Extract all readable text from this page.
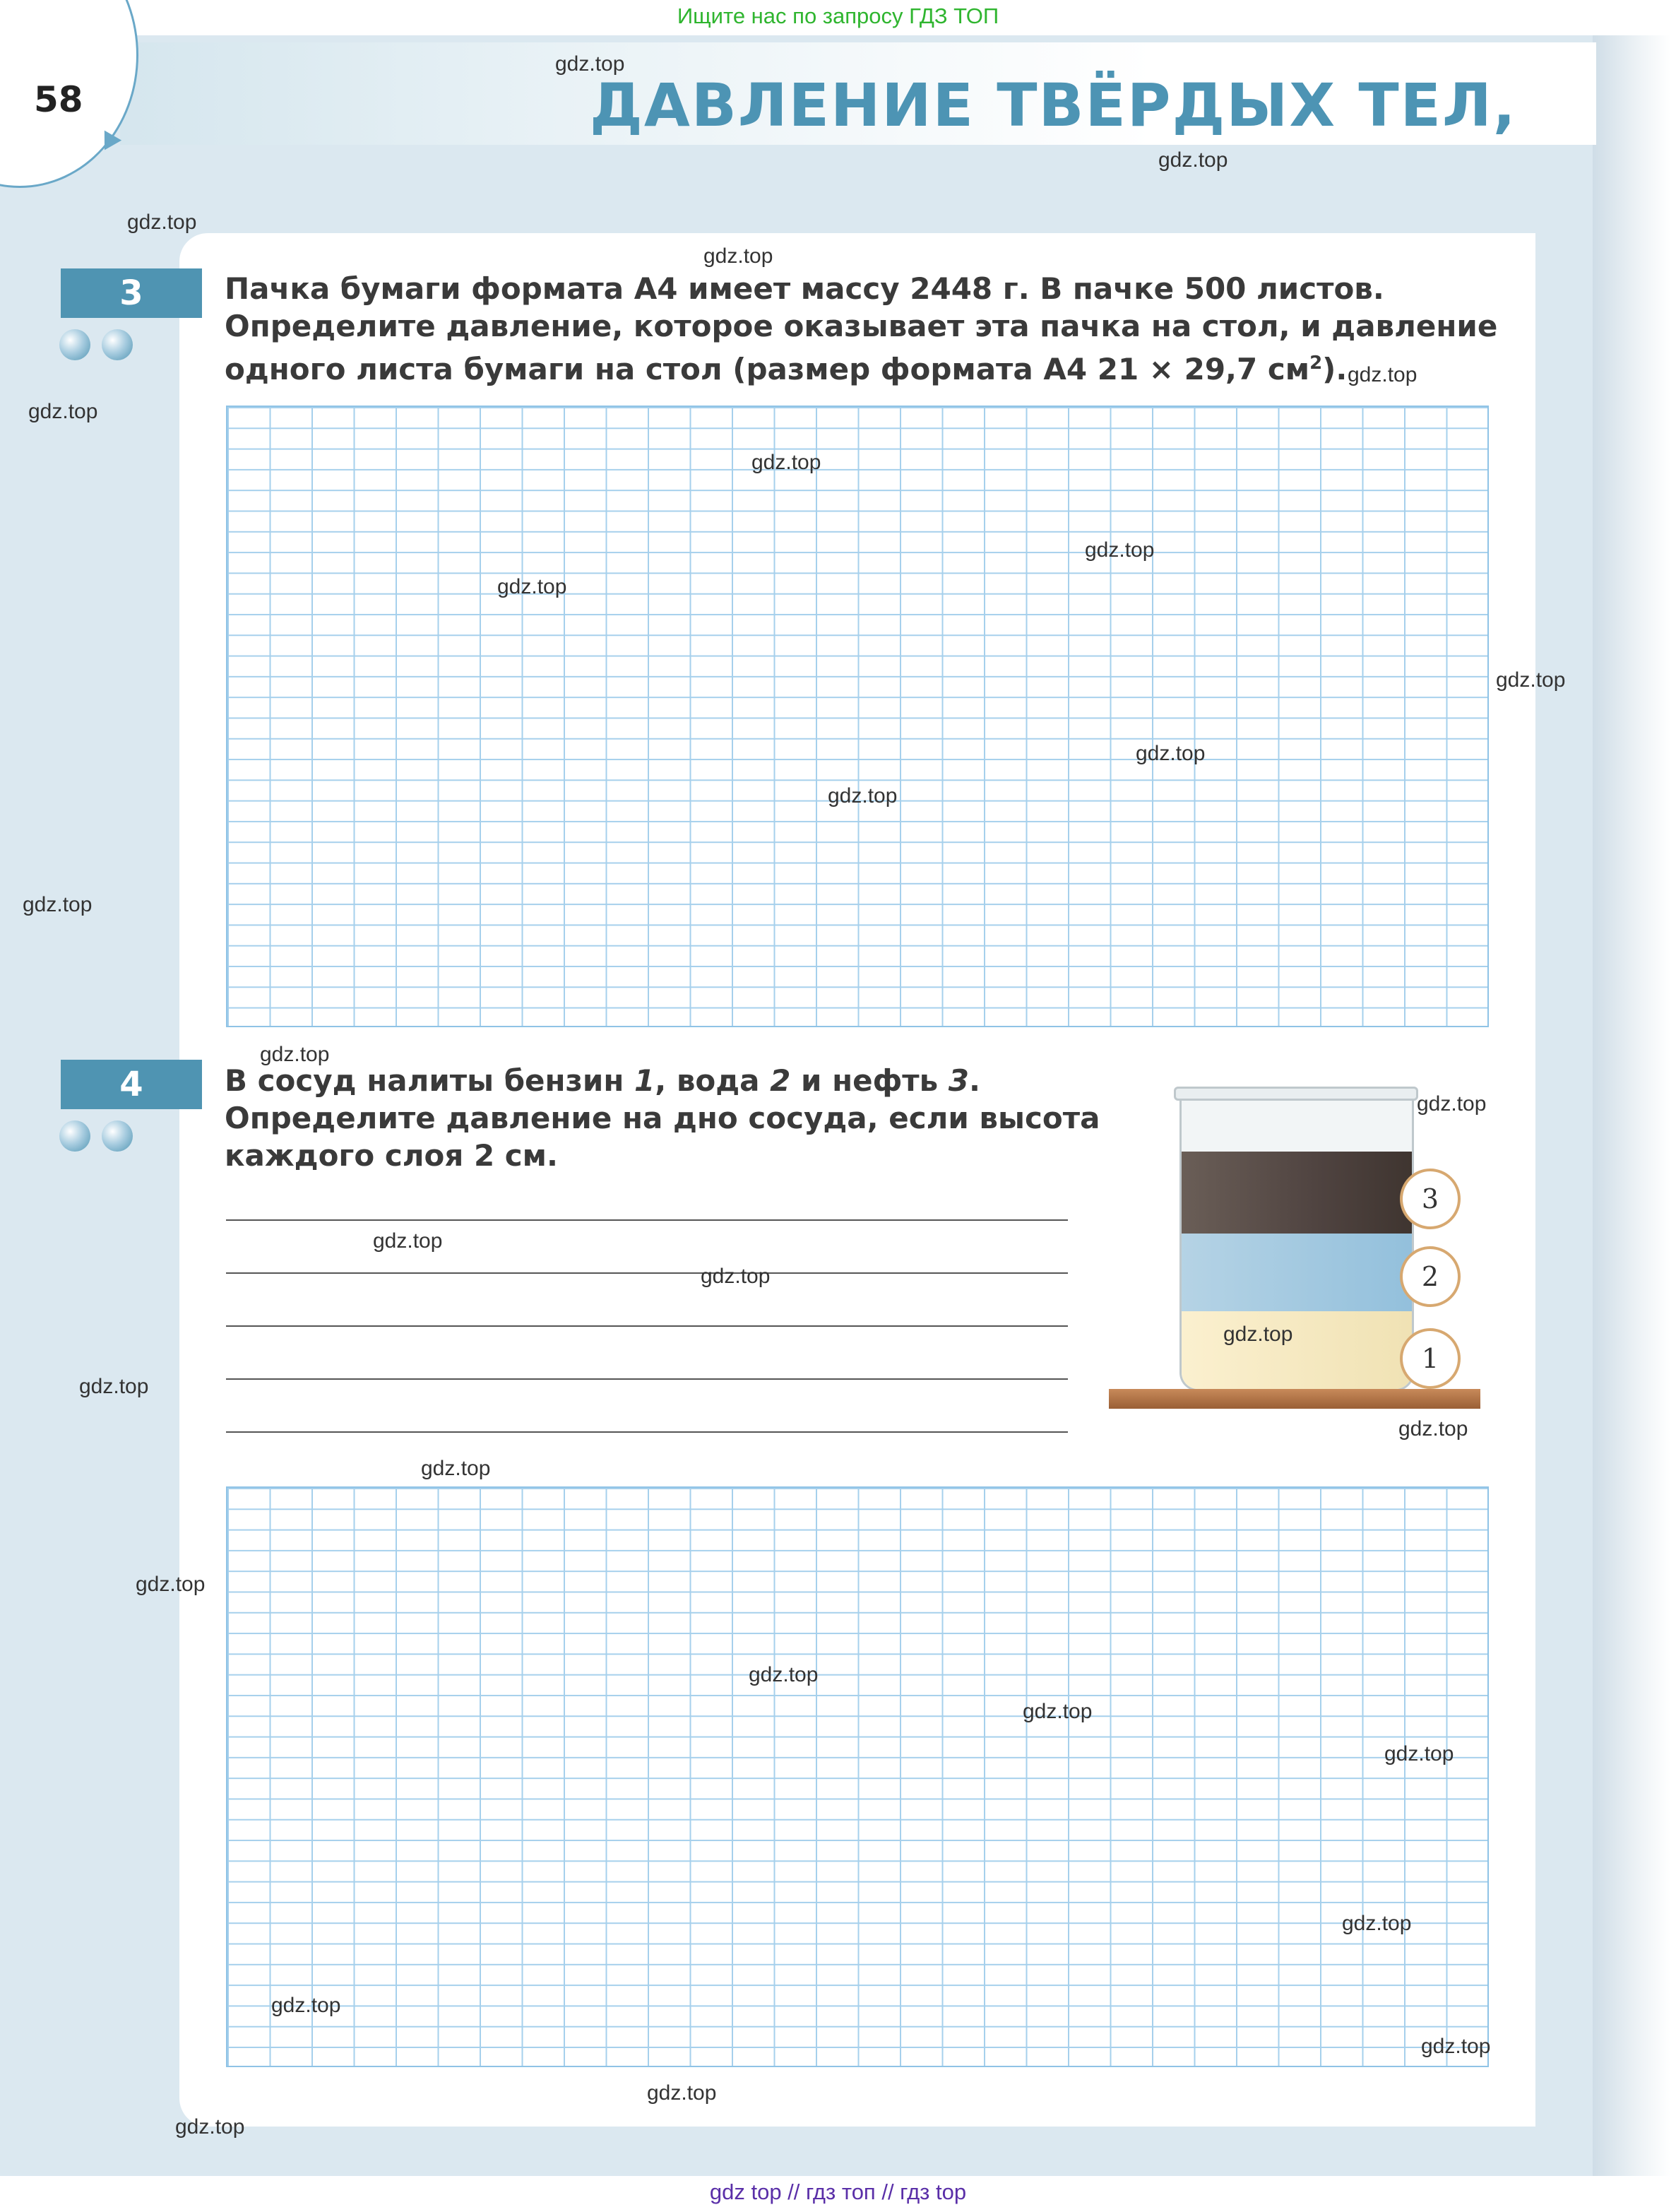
Ищите нас по запросу ГДЗ ТОП
58	ДАВЛЕНИЕ ТВЁРДЫХ ТЕЛ,
3	Пачка бумаги формата А4 имеет массу 2448 г. В пачке 500 листов.
Определите давление, которое оказывает эта пачка на стол, и давление
одного листа бумаги на стол (размер формата А4 21 × 29,7 $см^2$).
4	В сосуд налиты бензин 1, вода 2 и нефть 3.
Определите давление на дно сосуда, если высота
каждого слоя 2 см.
3
2
1
gdz.top
gdz.top
gdz.top
gdz.top
gdz.top
gdz.top
gdz.top
gdz.top
gdz.top
gdz.top
gdz.top
gdz.top
gdz.top
gdz.top
gdz.top
gdz.top
gdz.top
gdz.top
gdz.top
gdz.top
gdz.top
gdz.top
gdz.top
gdz.top
gdz.top
gdz.top
gdz.top
gdz.top
gdz.top
gdz.top
gdz top // гдз топ // гдз top
